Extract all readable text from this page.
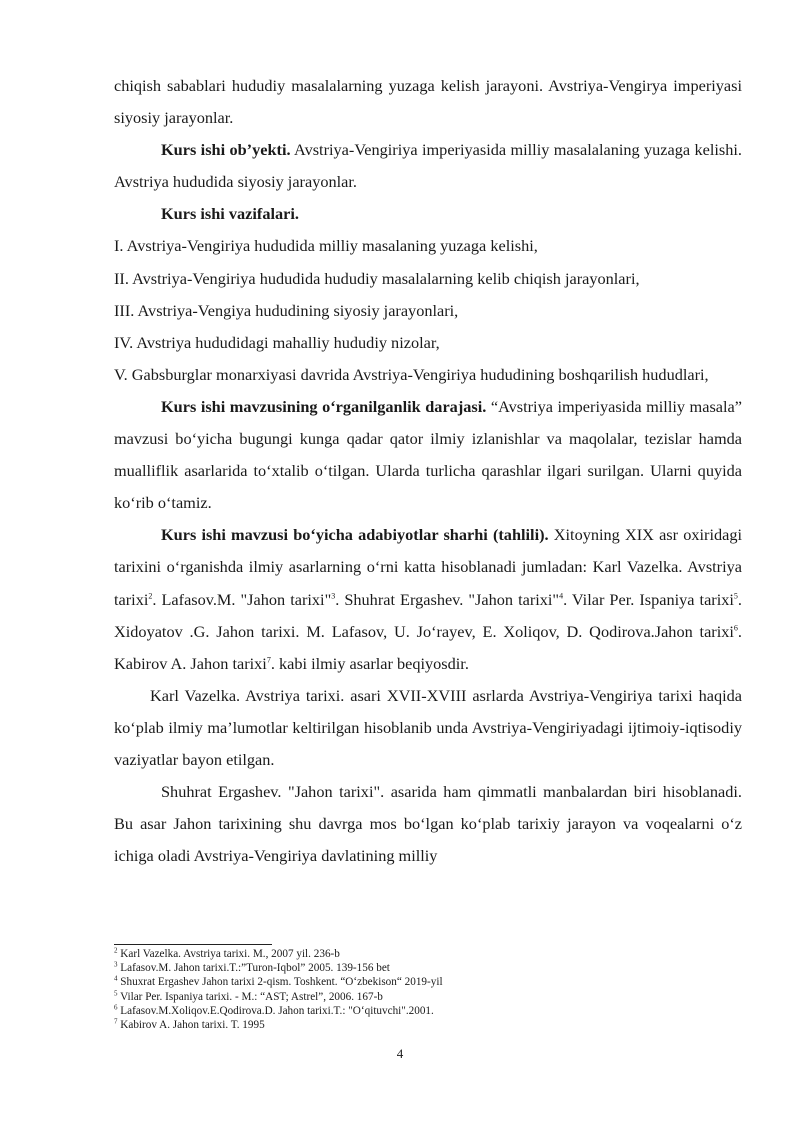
chiqish sabablari hududiy masalalarning yuzaga kelish jarayoni. Avstriya-Vengirya imperiyasi siyosiy jarayonlar.

Kurs ishi ob’yekti. Avstriya-Vengiriya imperiyasida milliy masalalaning yuzaga kelishi. Avstriya hududida siyosiy jarayonlar.

Kurs ishi vazifalari.

I. Avstriya-Vengiriya hududida milliy masalaning yuzaga kelishi,

II. Avstriya-Vengiriya hududida hududiy masalalarning kelib chiqish jarayonlari,

III. Avstriya-Vengiya hududining siyosiy jarayonlari,

IV. Avstriya hududidagi mahalliy hududiy nizolar,

V. Gabsburglar monarxiyasi davrida Avstriya-Vengiriya hududining boshqarilish hududlari,

Kurs ishi mavzusining o‘rganilganlik darajasi. “Avstriya imperiyasida milliy masala” mavzusi bo‘yicha bugungi kunga qadar qator ilmiy izlanishlar va maqolalar, tezislar hamda mualliflik asarlarida to‘xtalib o‘tilgan. Ularda turlicha qarashlar ilgari surilgan. Ularni quyida ko‘rib o‘tamiz.

Kurs ishi mavzusi bo‘yicha adabiyotlar sharhi (tahlili). Xitoyning XIX asr oxiridagi tarixini o‘rganishda ilmiy asarlarning o‘rni katta hisoblanadi jumladan: Karl Vazelka. Avstriya tarixi$^2$. Lafasov.M. "Jahon tarixi"$^3$. Shuhrat Ergashev. "Jahon tarixi"$^4$. Vilar Per. Ispaniya tarixi$^5$. Xidoyatov .G. Jahon tarixi. M. Lafasov, U. Jo‘rayev, E. Xoliqov, D. Qodirova.Jahon tarixi$^6$. Kabirov A. Jahon tarixi$^7$. kabi ilmiy asarlar beqiyosdir.

Karl Vazelka. Avstriya tarixi. asari XVII-XVIII asrlarda Avstriya-Vengiriya tarixi haqida ko‘plab ilmiy ma’lumotlar keltirilgan hisoblanib unda Avstriya-Vengiriyadagi ijtimoiy-iqtisodiy vaziyatlar bayon etilgan.

Shuhrat Ergashev. "Jahon tarixi". asarida ham qimmatli manbalardan biri hisoblanadi. Bu asar Jahon tarixining shu davrga mos bo‘lgan ko‘plab tarixiy jarayon va voqealarni o‘z ichiga oladi Avstriya-Vengiriya davlatining milliy

$^2$ Karl Vazelka. Avstriya tarixi. M., 2007 yil. 236-b

$^3$ Lafasov.M. Jahon tarixi.T.:”Turon-Iqbol” 2005. 139-156 bet

$^4$ Shuxrat Ergashev Jahon tarixi 2-qism. Toshkent. “O‘zbekison“ 2019-yil

$^5$ Vilar Per. Ispaniya tarixi. - M.: “AST; Astrel”, 2006. 167-b

$^6$ Lafasov.M.Xoliqov.E.Qodirova.D. Jahon tarixi.T.: "O‘qituvchi".2001.

$^7$ Kabirov A. Jahon tarixi. T. 1995

4
